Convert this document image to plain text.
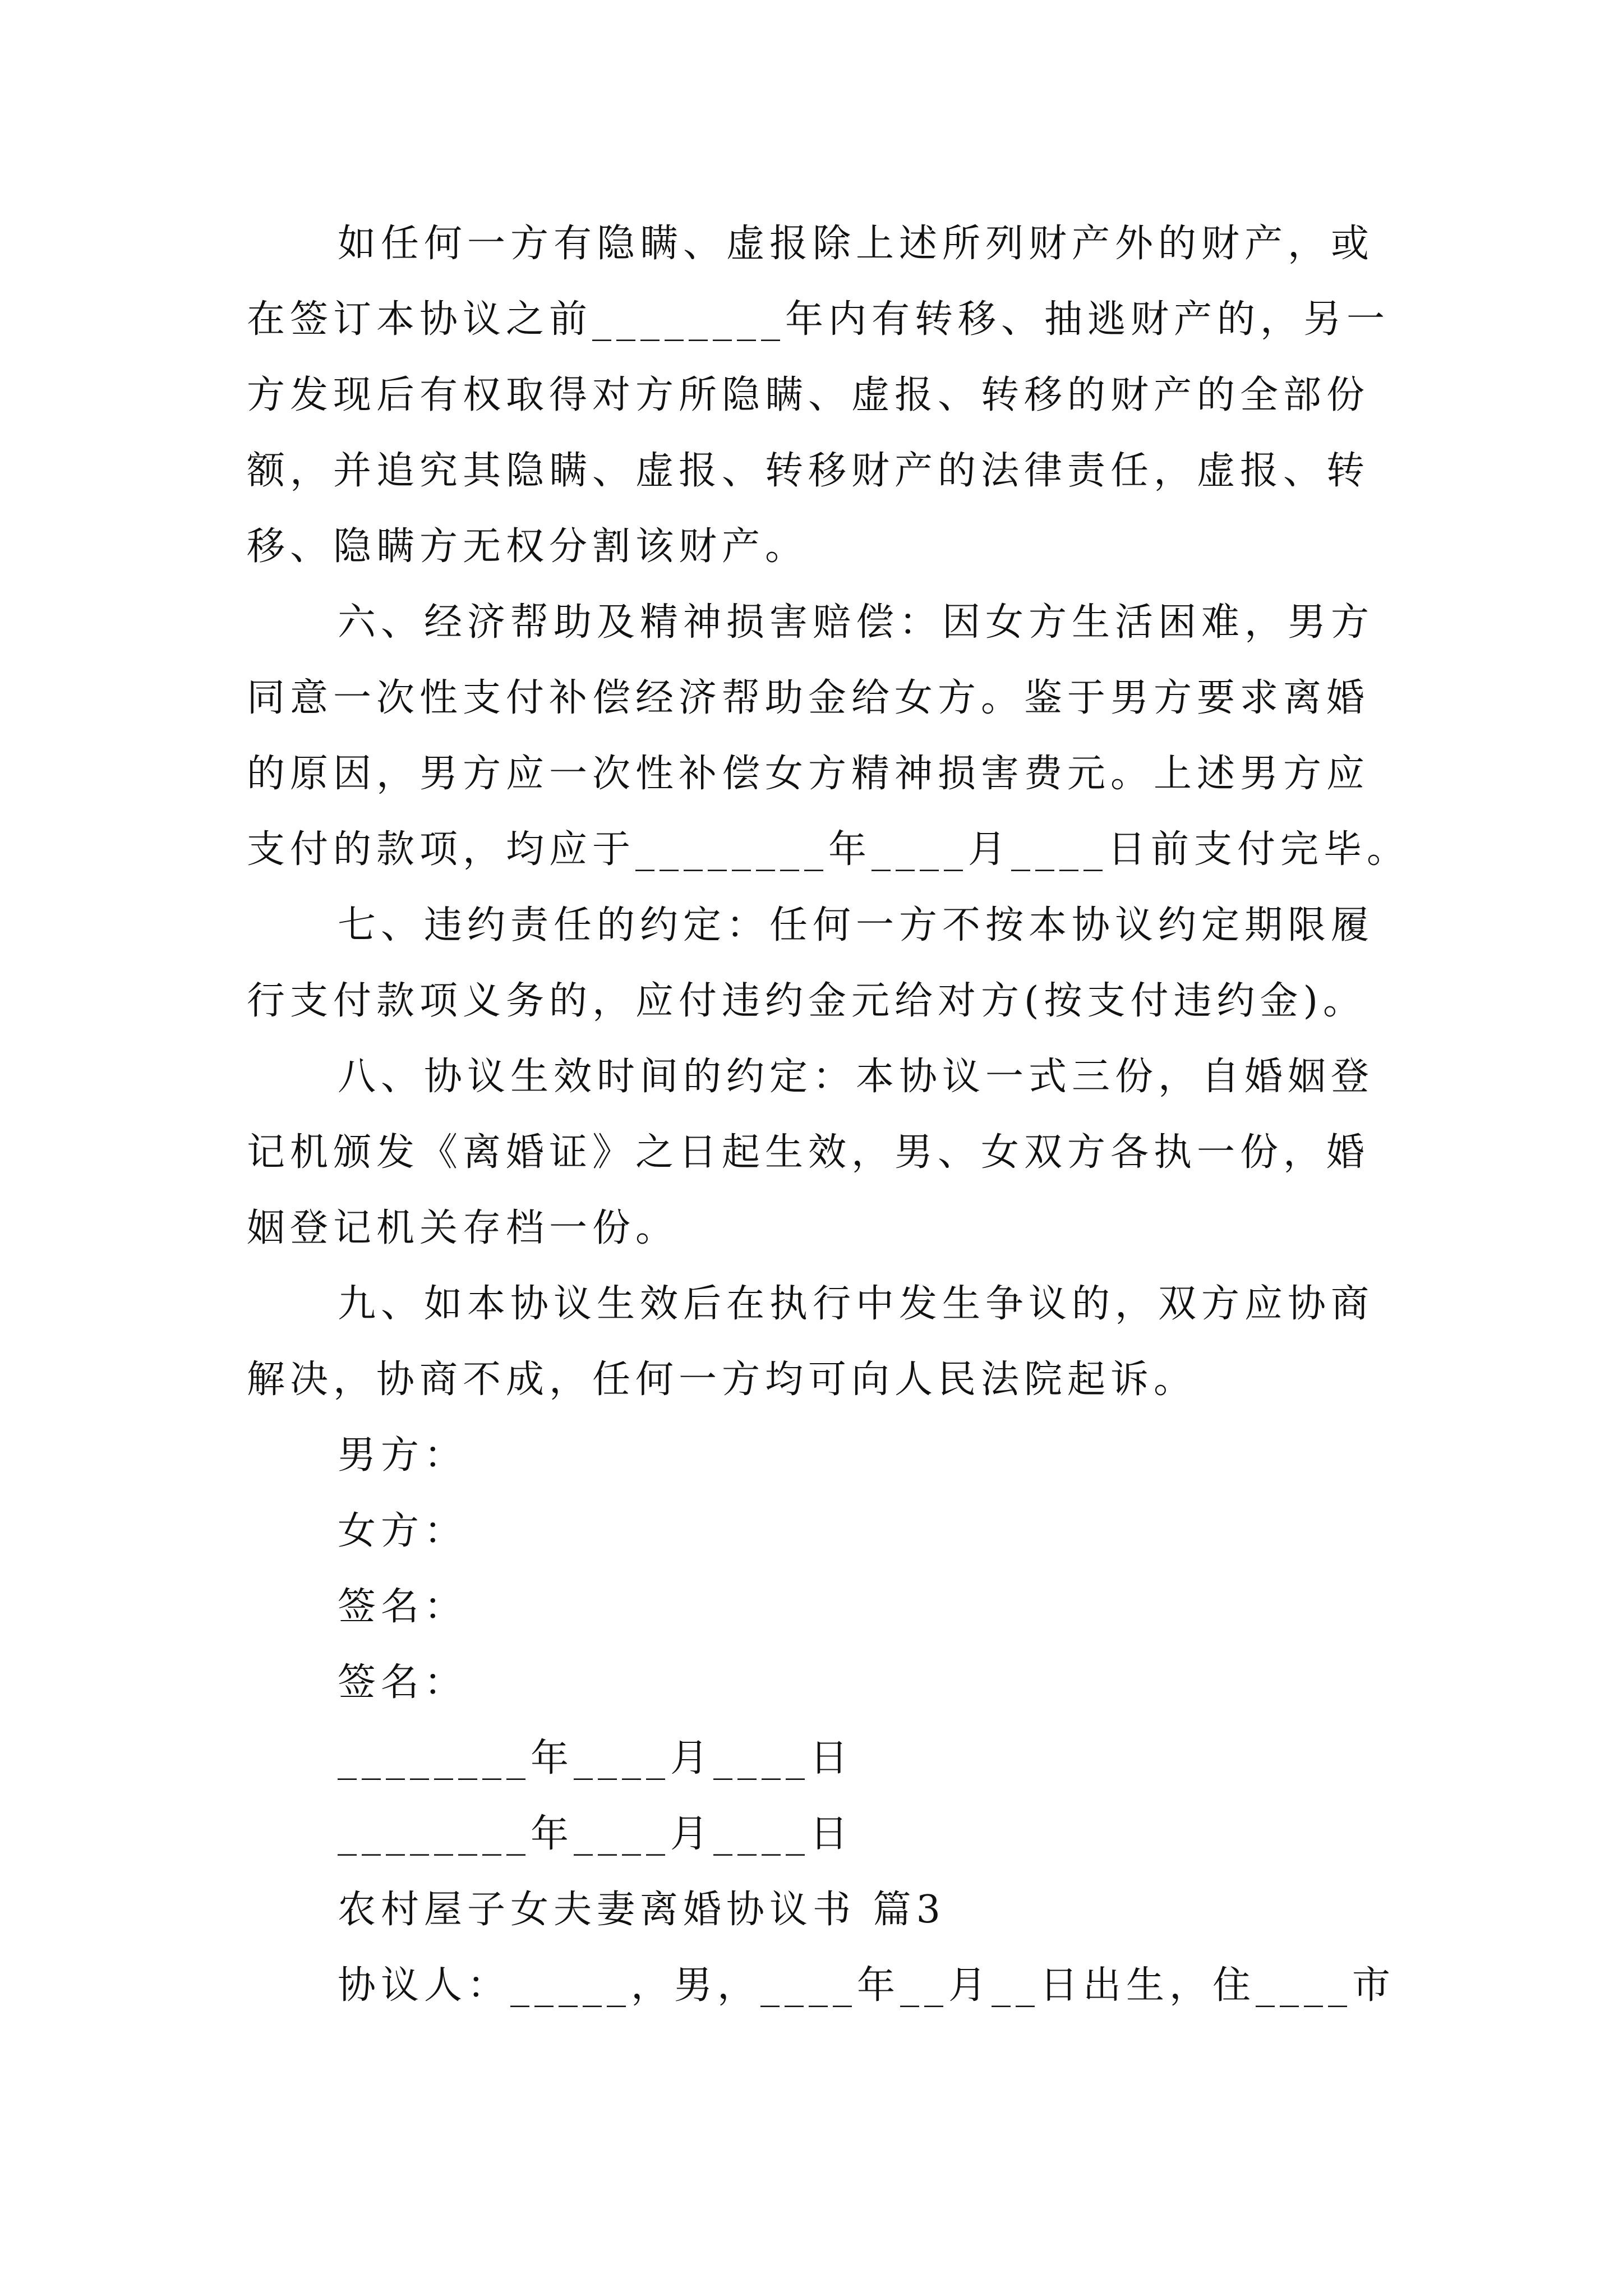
如任何一方有隐瞒、虚报除上述所列财产外的财产，或
在签订本协议之前________年内有转移、抽逃财产的，另一
方发现后有权取得对方所隐瞒、虚报、转移的财产的全部份
额，并追究其隐瞒、虚报、转移财产的法律责任，虚报、转
移、隐瞒方无权分割该财产。
六、经济帮助及精神损害赔偿：因女方生活困难，男方
同意一次性支付补偿经济帮助金给女方。鉴于男方要求离婚
的原因，男方应一次性补偿女方精神损害费元。上述男方应
支付的款项，均应于________年____月____日前支付完毕。
七、违约责任的约定：任何一方不按本协议约定期限履
行支付款项义务的，应付违约金元给对方(按支付违约金)。
八、协议生效时间的约定：本协议一式三份，自婚姻登
记机颁发《离婚证》之日起生效，男、女双方各执一份，婚
姻登记机关存档一份。
九、如本协议生效后在执行中发生争议的，双方应协商
解决，协商不成，任何一方均可向人民法院起诉。
男方：
女方：
签名：
签名：
________年____月____日
________年____月____日
农村屋子女夫妻离婚协议书 篇3
协议人：_____，男，____年__月__日出生，住____市
